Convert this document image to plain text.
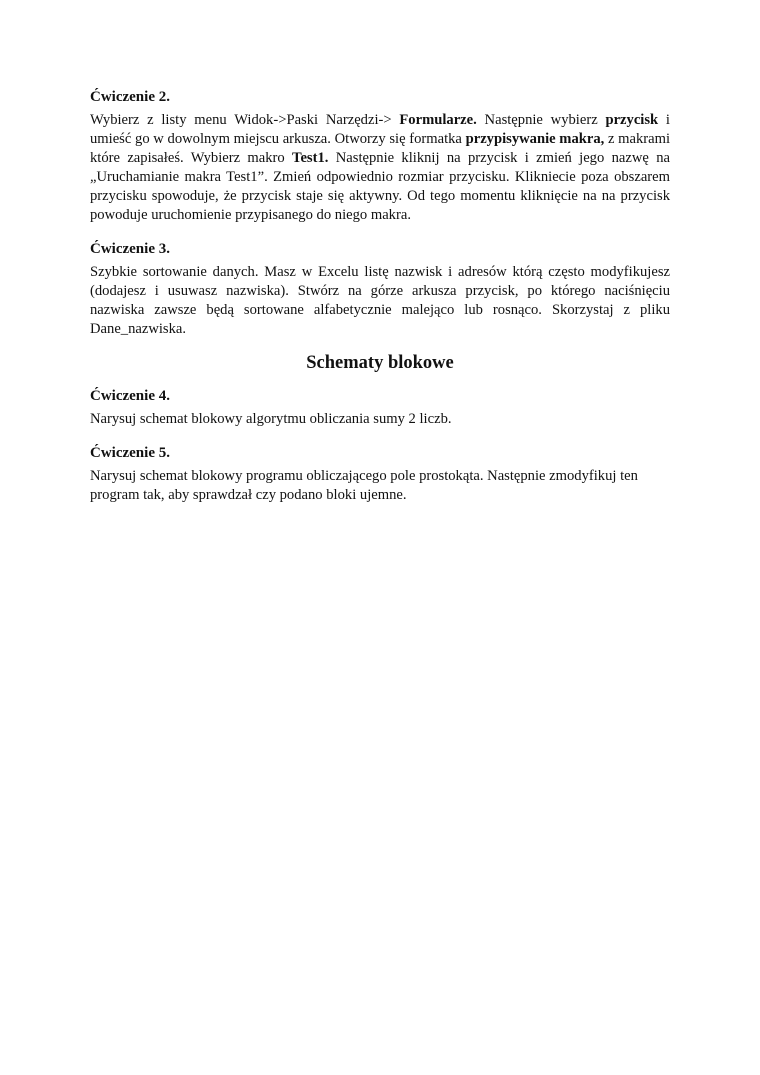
Ćwiczenie 2.

Wybierz z listy menu Widok->Paski Narzędzi-> Formularze. Następnie wybierz przycisk i umieść go w dowolnym miejscu arkusza. Otworzy się formatka przypisywanie makra, z makrami które zapisałeś. Wybierz makro Test1. Następnie kliknij na przycisk i zmień jego nazwę na „Uruchamianie makra Test1”. Zmień odpowiednio rozmiar przycisku. Klikniecie poza obszarem przycisku spowoduje, że przycisk staje się aktywny. Od tego momentu kliknięcie na na przycisk powoduje uruchomienie przypisanego do niego makra.

Ćwiczenie 3.

Szybkie sortowanie danych. Masz w Excelu listę nazwisk i adresów którą często modyfikujesz (dodajesz i usuwasz nazwiska). Stwórz na górze arkusza przycisk, po którego naciśnięciu nazwiska zawsze będą sortowane alfabetycznie malejąco lub rosnąco. Skorzystaj z pliku Dane_nazwiska.

Schematy blokowe
Ćwiczenie 4.

Narysuj schemat blokowy algorytmu obliczania sumy 2 liczb.

Ćwiczenie 5.

Narysuj schemat blokowy programu obliczającego pole prostokąta. Następnie zmodyfikuj ten program tak, aby sprawdzał czy podano bloki ujemne.
